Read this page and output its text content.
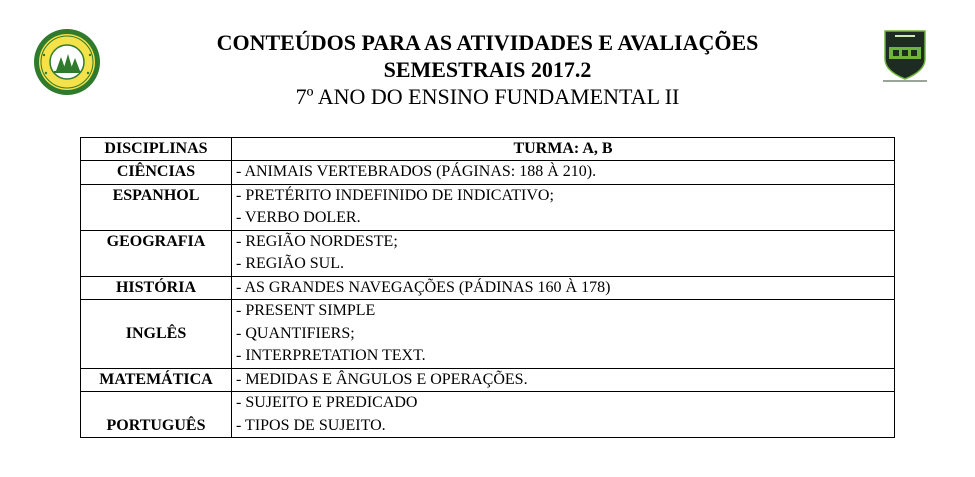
CONTEÚDOS PARA AS ATIVIDADES E AVALIAÇÕES
SEMESTRAIS 2017.2
7º ANO DO ENSINO FUNDAMENTAL II
DISCIPLINAS	TURMA: A, B
CIÊNCIAS	- ANIMAIS VERTEBRADOS (PÁGINAS: 188 À 210).

ESPANHOL	- PRETÉRITO INDEFINIDO DE INDICATIVO;
- VERBO DOLER.

GEOGRAFIA	- REGIÃO NORDESTE;
- REGIÃO SUL.

HISTÓRIA	- AS GRANDES NAVEGAÇÕES (PÁDINAS 160 À 178)

INGLÊS	- PRESENT SIMPLE
- QUANTIFIERS;
- INTERPRETATION TEXT.

MATEMÁTICA	- MEDIDAS E ÂNGULOS E OPERAÇÕES.

PORTUGUÊS	- SUJEITO E PREDICADO
- TIPOS DE SUJEITO.
